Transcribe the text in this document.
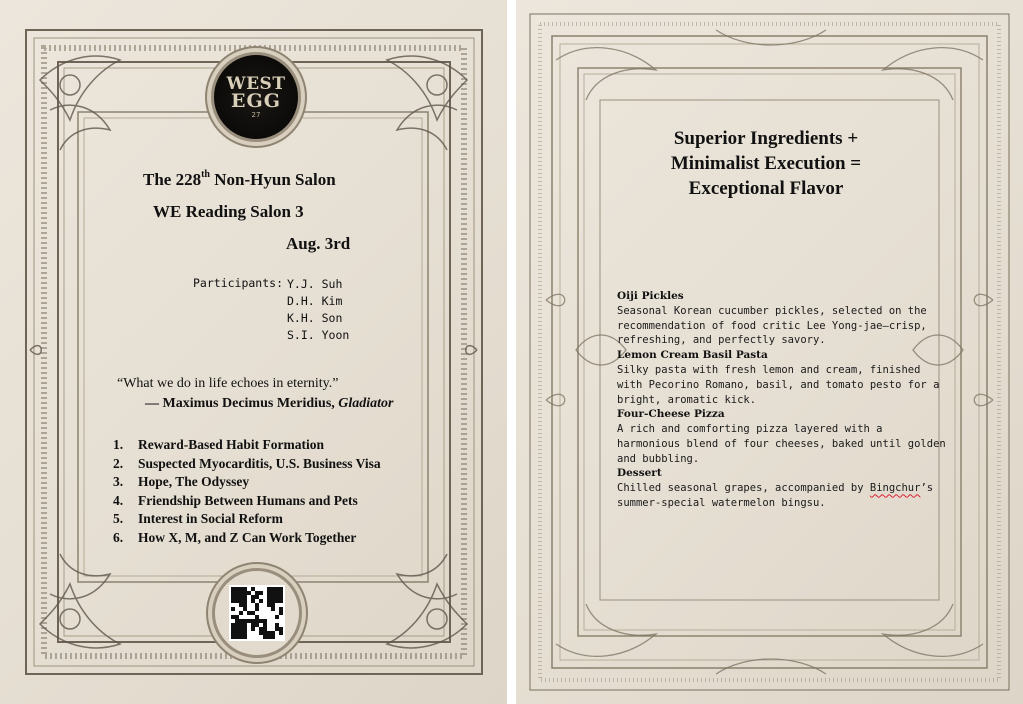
WEST
EGG
27
The 228th Non-Hyun Salon
WE Reading Salon 3
Aug. 3rd
Participants: Y.J. Suh
D.H. Kim
K.H. Son
S.I. Yoon
“What we do in life echoes in eternity.”
— Maximus Decimus Meridius, Gladiator
1.	Reward-Based Habit Formation
2.	Suspected Myocarditis, U.S. Business Visa
3.	Hope, The Odyssey
4.	Friendship Between Humans and Pets
5.	Interest in Social Reform
6.	How X, M, and Z Can Work Together
Superior Ingredients +
Minimalist Execution =
Exceptional Flavor
Oiji Pickles
Seasonal Korean cucumber pickles, selected on the
recommendation of food critic Lee Yong-jae—crisp,
refreshing, and perfectly savory.
Lemon Cream Basil Pasta
Silky pasta with fresh lemon and cream, finished
with Pecorino Romano, basil, and tomato pesto for a
bright, aromatic kick.
Four-Cheese Pizza
A rich and comforting pizza layered with a
harmonious blend of four cheeses, baked until golden
and bubbling.
Dessert
Chilled seasonal grapes, accompanied by Bingchur’s
summer-special watermelon bingsu.
